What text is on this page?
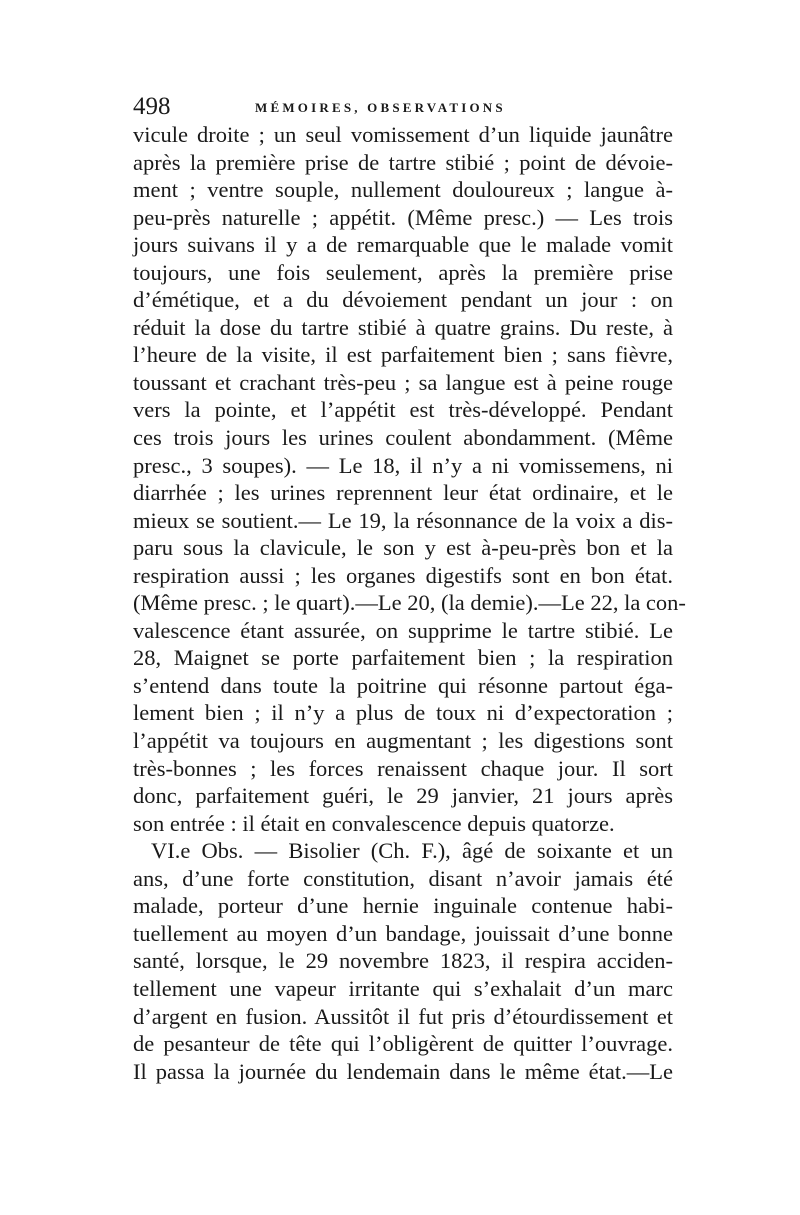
498	MÉMOIRES, OBSERVATIONS
vicule droite ; un seul vomissement d’un liquide jaunâtre
après la première prise de tartre stibié ; point de dévoie-
ment ; ventre souple, nullement douloureux ; langue à-
peu-près naturelle ; appétit. (Même presc.) — Les trois
jours suivans il y a de remarquable que le malade vomit
toujours, une fois seulement, après la première prise
d’émétique, et a du dévoiement pendant un jour : on
réduit la dose du tartre stibié à quatre grains. Du reste, à
l’heure de la visite, il est parfaitement bien ; sans fièvre,
toussant et crachant très-peu ; sa langue est à peine rouge
vers la pointe, et l’appétit est très-développé. Pendant
ces trois jours les urines coulent abondamment. (Même
presc., 3 soupes). — Le 18, il n’y a ni vomissemens, ni
diarrhée ; les urines reprennent leur état ordinaire, et le
mieux se soutient.— Le 19, la résonnance de la voix a dis-
paru sous la clavicule, le son y est à-peu-près bon et la
respiration aussi ; les organes digestifs sont en bon état.
(Même presc. ; le quart).—Le 20, (la demie).—Le 22, la con-
valescence étant assurée, on supprime le tartre stibié. Le
28, Maignet se porte parfaitement bien ; la respiration
s’entend dans toute la poitrine qui résonne partout éga-
lement bien ; il n’y a plus de toux ni d’expectoration ;
l’appétit va toujours en augmentant ; les digestions sont
très-bonnes ; les forces renaissent chaque jour. Il sort
donc, parfaitement guéri, le 29 janvier, 21 jours après
son entrée : il était en convalescence depuis quatorze.
VI.e Obs. — Bisolier (Ch. F.), âgé de soixante et un
ans, d’une forte constitution, disant n’avoir jamais été
malade, porteur d’une hernie inguinale contenue habi-
tuellement au moyen d’un bandage, jouissait d’une bonne
santé, lorsque, le 29 novembre 1823, il respira acciden-
tellement une vapeur irritante qui s’exhalait d’un marc
d’argent en fusion. Aussitôt il fut pris d’étourdissement et
de pesanteur de tête qui l’obligèrent de quitter l’ouvrage.
Il passa la journée du lendemain dans le même état.—Le
